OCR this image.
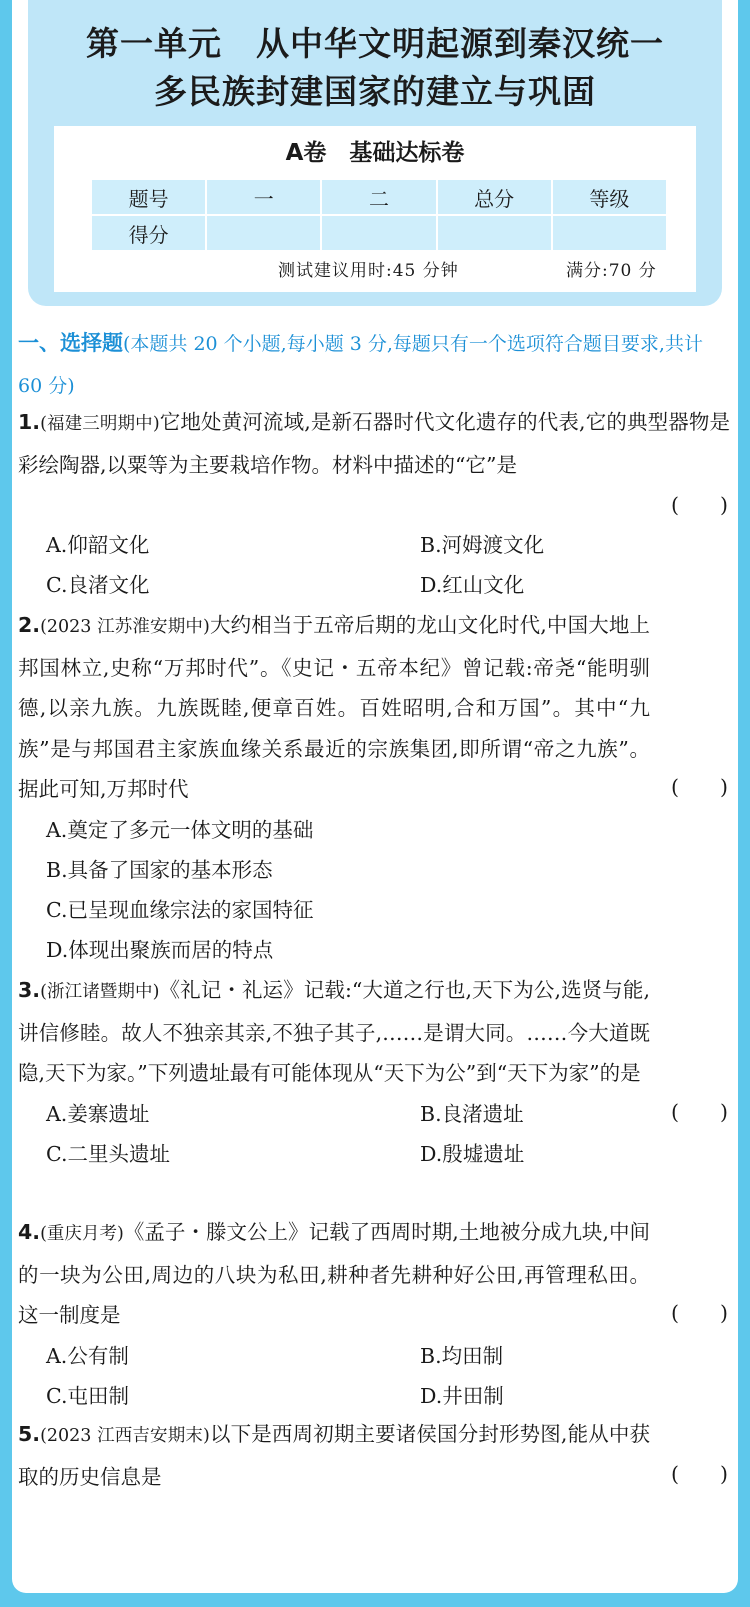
第一单元　从中华文明起源到秦汉统一
多民族封建国家的建立与巩固
A卷　基础达标卷
题号	一	二	总分	等级
得分				
测试建议用时:45 分钟	满分:70 分
一、选择题(本题共 20 个小题,每小题 3 分,每题只有一个选项符合题目要求,共计 60 分)
1.(福建三明期中)它地处黄河流域,是新石器时代文化遗存的代表,它的典型器物是彩绘陶器,以粟等为主要栽培作物。材料中描述的“它”是
(　　)
A.仰韶文化	B.河姆渡文化
C.良渚文化	D.红山文化
2.(2023 江苏淮安期中)大约相当于五帝后期的龙山文化时代,中国大地上邦国林立,史称“万邦时代”。《史记・五帝本纪》曾记载:帝尧“能明驯德,以亲九族。九族既睦,便章百姓。百姓昭明,合和万国”。其中“九族”是与邦国君主家族血缘关系最近的宗族集团,即所谓“帝之九族”。据此可知,万邦时代	(　　)
A.奠定了多元一体文明的基础
B.具备了国家的基本形态
C.已呈现血缘宗法的家国特征
D.体现出聚族而居的特点
3.(浙江诸暨期中)《礼记・礼运》记载:“大道之行也,天下为公,选贤与能,讲信修睦。故人不独亲其亲,不独子其子,……是谓大同。……今大道既隐,天下为家。”下列遗址最有可能体现从“天下为公”到“天下为家”的是
(　　)
A.姜寨遗址	B.良渚遗址
C.二里头遗址	D.殷墟遗址
4.(重庆月考)《孟子・滕文公上》记载了西周时期,土地被分成九块,中间的一块为公田,周边的八块为私田,耕种者先耕种好公田,再管理私田。这一制度是	(　　)
A.公有制	B.均田制
C.屯田制	D.井田制
5.(2023 江西吉安期末)以下是西周初期主要诸侯国分封形势图,能从中获取的历史信息是	(　　)
